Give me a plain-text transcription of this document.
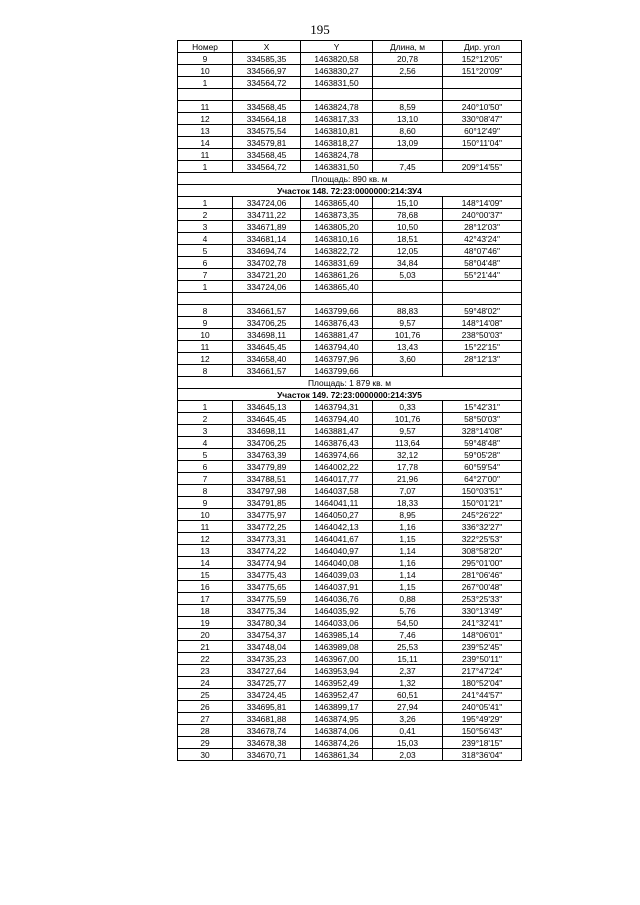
195
Номер	X	Y	Длина, м	Дир. угол
9	334585,35	1463820,58	20,78	152°12'05"
10	334566,97	1463830,27	2,56	151°20'09"
1	334564,72	1463831,50		

11	334568,45	1463824,78	8,59	240°10'50"
12	334564,18	1463817,33	13,10	330°08'47"
13	334575,54	1463810,81	8,60	60°12'49"
14	334579,81	1463818,27	13,09	150°11'04"
11	334568,45	1463824,78		
1	334564,72	1463831,50	7,45	209°14'55"
Площадь: 890 кв. м				
Участок 148. 72:23:0000000:214:ЗУ4				
1	334724,06	1463865,40	15,10	148°14'09"
2	334711,22	1463873,35	78,68	240°00'37"
3	334671,89	1463805,20	10,50	28°12'03"
4	334681,14	1463810,16	18,51	42°43'24"
5	334694,74	1463822,72	12,05	48°07'46"
6	334702,78	1463831,69	34,84	58°04'48"
7	334721,20	1463861,26	5,03	55°21'44"
1	334724,06	1463865,40		

8	334661,57	1463799,66	88,83	59°48'02"
9	334706,25	1463876,43	9,57	148°14'08"
10	334698,11	1463881,47	101,76	238°50'03"
11	334645,45	1463794,40	13,43	15°22'15"
12	334658,40	1463797,96	3,60	28°12'13"
8	334661,57	1463799,66		
Площадь: 1 879 кв. м				
Участок 149. 72:23:0000000:214:ЗУ5				
1	334645,13	1463794,31	0,33	15°42'31"
2	334645,45	1463794,40	101,76	58°50'03"
3	334698,11	1463881,47	9,57	328°14'08"
4	334706,25	1463876,43	113,64	59°48'48"
5	334763,39	1463974,66	32,12	59°05'28"
6	334779,89	1464002,22	17,78	60°59'54"
7	334788,51	1464017,77	21,96	64°27'00"
8	334797,98	1464037,58	7,07	150°03'51"
9	334791,85	1464041,11	18,33	150°01'21"
10	334775,97	1464050,27	8,95	245°26'22"
11	334772,25	1464042,13	1,16	336°32'27"
12	334773,31	1464041,67	1,15	322°25'53"
13	334774,22	1464040,97	1,14	308°58'20"
14	334774,94	1464040,08	1,16	295°01'00"
15	334775,43	1464039,03	1,14	281°06'46"
16	334775,65	1464037,91	1,15	267°00'48"
17	334775,59	1464036,76	0,88	253°25'33"
18	334775,34	1464035,92	5,76	330°13'49"
19	334780,34	1464033,06	54,50	241°32'41"
20	334754,37	1463985,14	7,46	148°06'01"
21	334748,04	1463989,08	25,53	239°52'45"
22	334735,23	1463967,00	15,11	239°50'11"
23	334727,64	1463953,94	2,37	217°47'24"
24	334725,77	1463952,49	1,32	180°52'04"
25	334724,45	1463952,47	60,51	241°44'57"
26	334695,81	1463899,17	27,94	240°05'41"
27	334681,88	1463874,95	3,26	195°49'29"
28	334678,74	1463874,06	0,41	150°56'43"
29	334678,38	1463874,26	15,03	239°18'15"
30	334670,71	1463861,34	2,03	318°36'04"
